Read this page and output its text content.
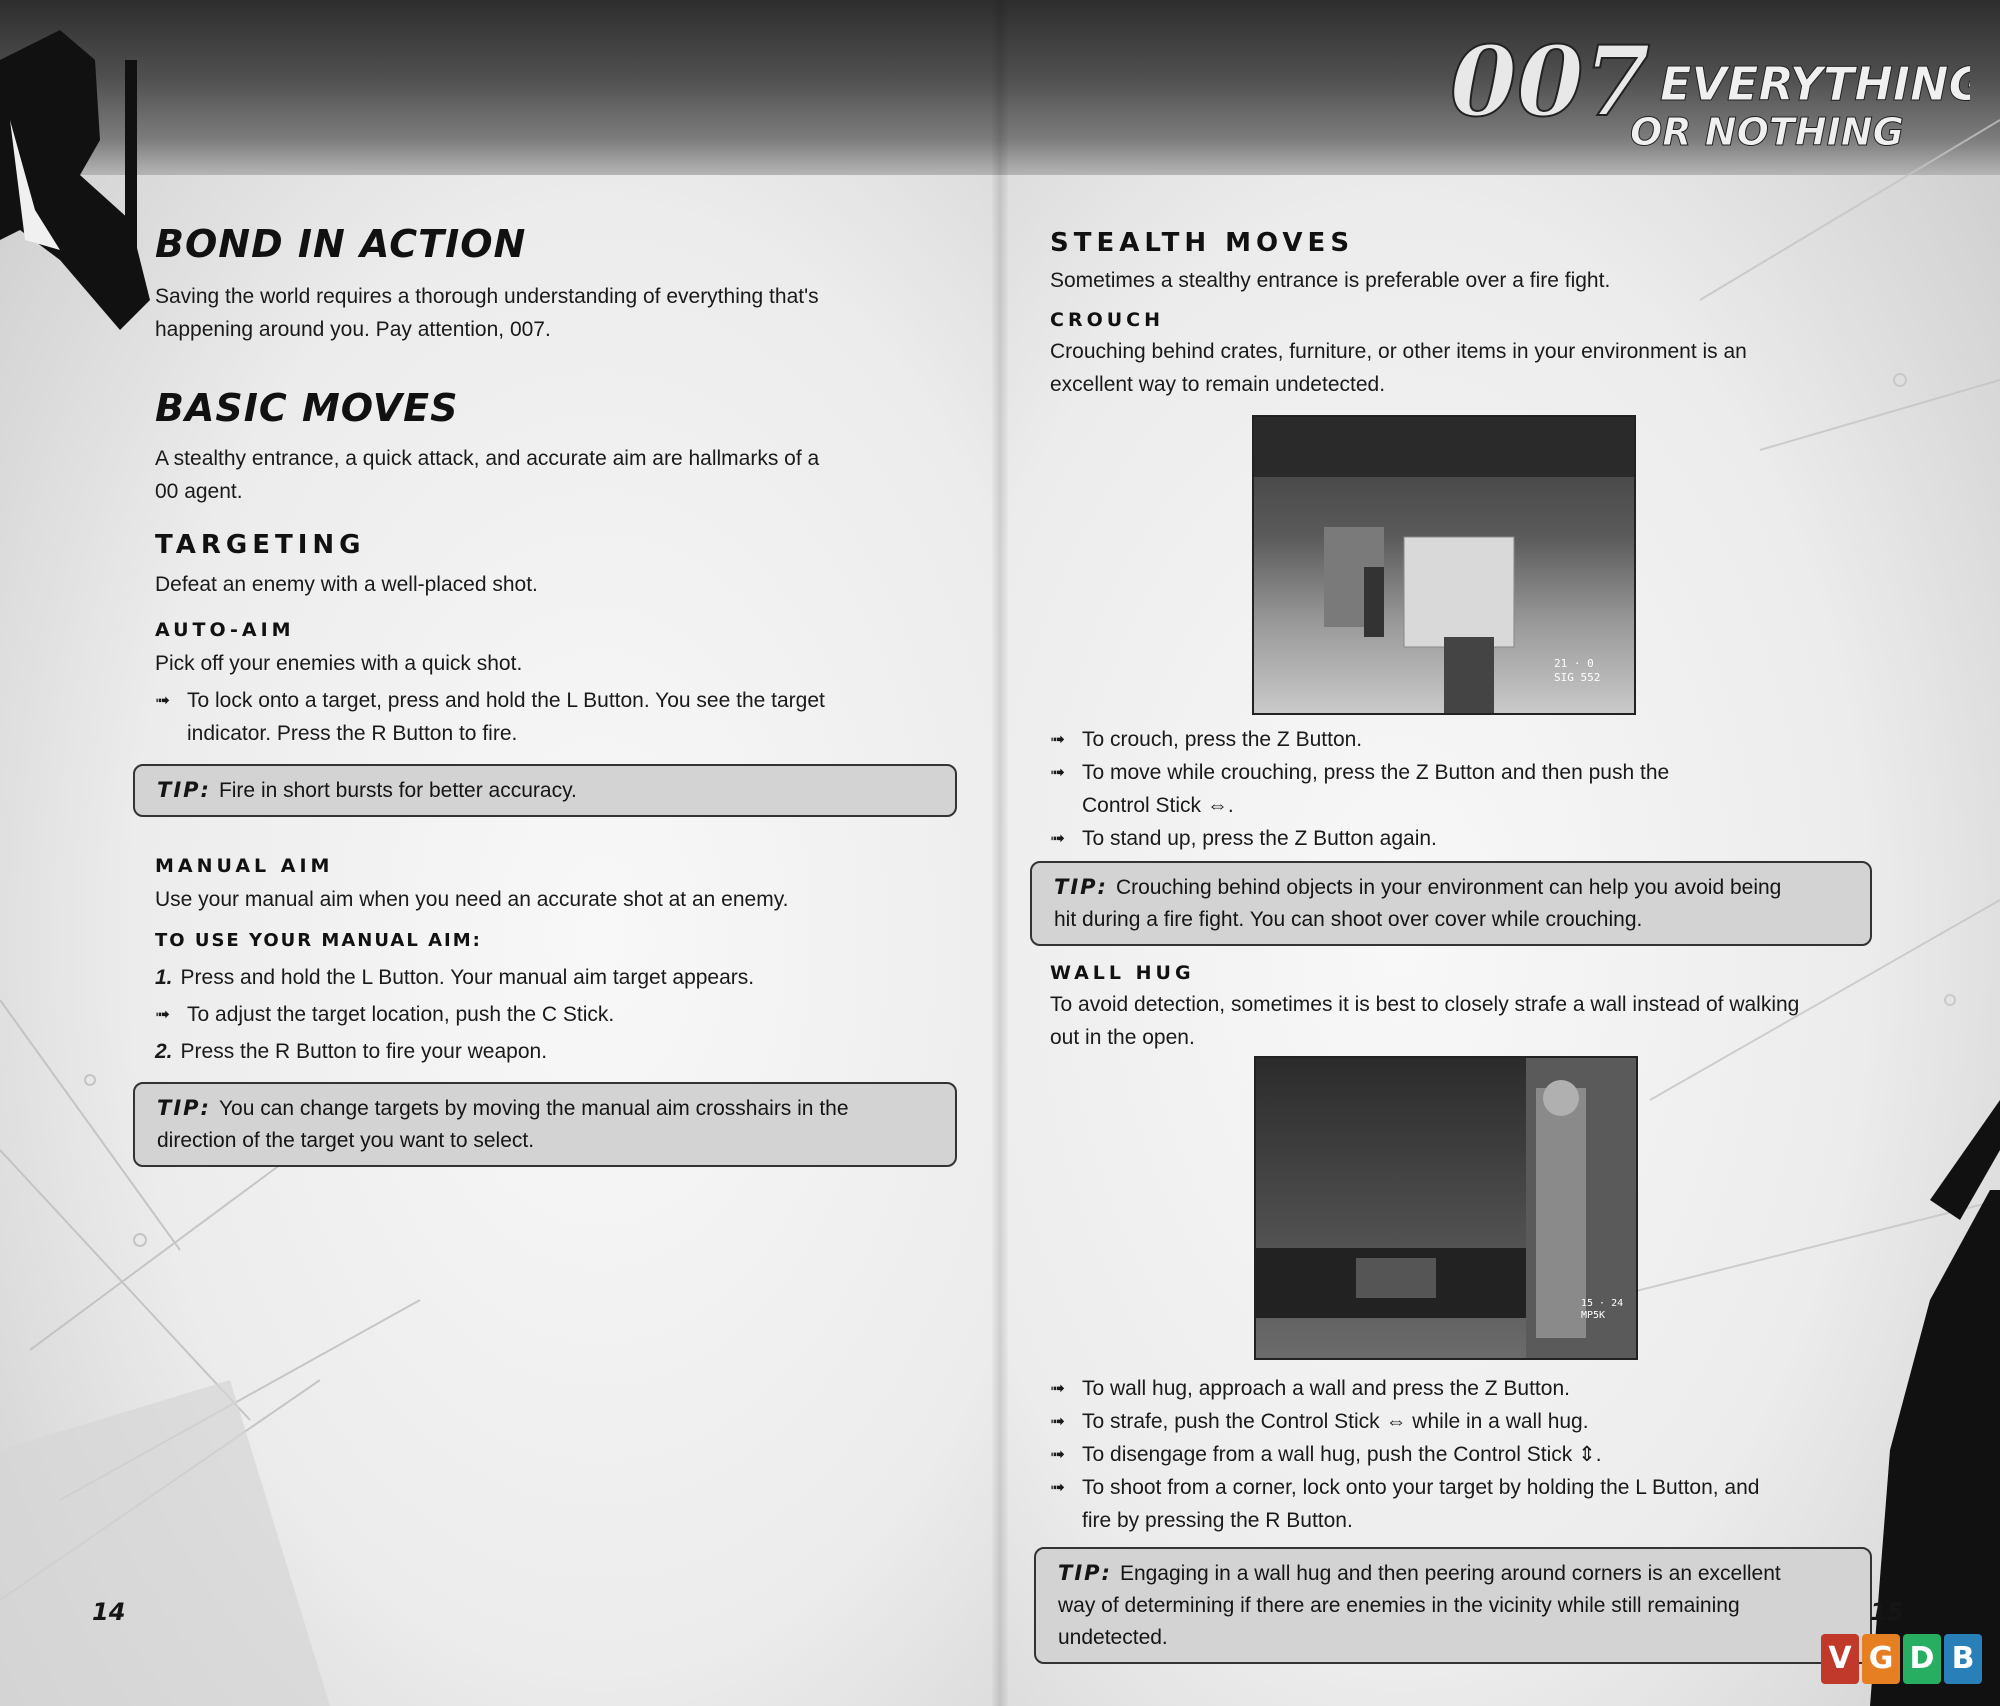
BOND IN ACTION

Saving the world requires a thorough understanding of everything that's

happening around you. Pay attention, 007.

BASIC MOVES

A stealthy entrance, a quick attack, and accurate aim are hallmarks of a

00 agent.

TARGETING

Defeat an enemy with a well-placed shot.

AUTO-AIM

Pick off your enemies with a quick shot.

➟ To lock onto a target, press and hold the L Button. You see the target
indicator. Press the R Button to fire.
TIP: Fire in short bursts for better accuracy.
MANUAL AIM

Use your manual aim when you need an accurate shot at an enemy.

TO USE YOUR MANUAL AIM:

1. Press and hold the L Button. Your manual aim target appears.

➟ To adjust the target location, push the C Stick.

2. Press the R Button to fire your weapon.

TIP: You can change targets by moving the manual aim crosshairs in the
direction of the target you want to select.
14
007 EVERYTHING
OR NOTHING
STEALTH MOVES

Sometimes a stealthy entrance is preferable over a fire fight.

CROUCH

Crouching behind crates, furniture, or other items in your environment is an

excellent way to remain undetected.

21 · 0
SIG 552
➟ To crouch, press the Z Button.
➟ To move while crouching, press the Z Button and then push the
Control Stick ⇔.
➟ To stand up, press the Z Button again.
TIP: Crouching behind objects in your environment can help you avoid being
hit during a fire fight. You can shoot over cover while crouching.
WALL HUG

To avoid detection, sometimes it is best to closely strafe a wall instead of walking

out in the open.

15 · 24
MP5K
➟ To wall hug, approach a wall and press the Z Button.
➟ To strafe, push the Control Stick ⇔ while in a wall hug.
➟ To disengage from a wall hug, push the Control Stick ⇕.
➟ To shoot from a corner, lock onto your target by holding the L Button, and
fire by pressing the R Button.
TIP: Engaging in a wall hug and then peering around corners is an excellent
way of determining if there are enemies in the vicinity while still remaining
undetected.
15
V G D B
